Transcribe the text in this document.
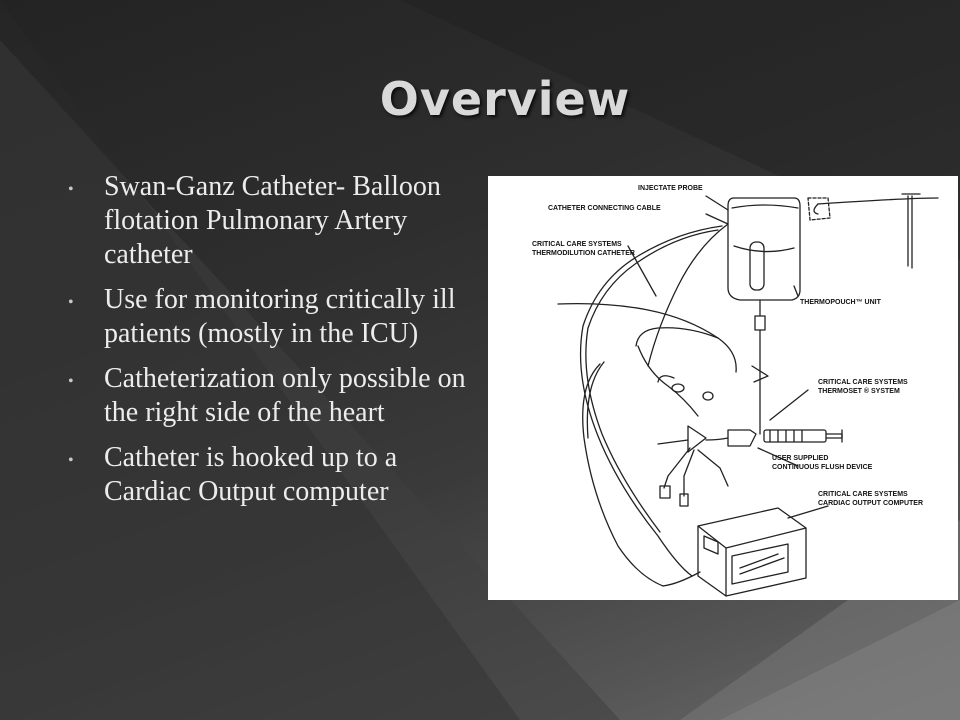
Overview
• Swan-Ganz Catheter- Balloon flotation Pulmonary Artery catheter
• Use for monitoring critically ill patients (mostly in the ICU)
• Catheterization only possible on the right side of the heart
• Catheter is hooked up to a Cardiac Output computer
INJECTATE PROBE
CATHETER CONNECTING CABLE
CRITICAL CARE SYSTEMS
THERMODILUTION CATHETER
THERMOPOUCH™ UNIT
CRITICAL CARE SYSTEMS
THERMOSET ® SYSTEM
USER SUPPLIED
CONTINUOUS FLUSH DEVICE
CRITICAL CARE SYSTEMS
CARDIAC OUTPUT COMPUTER
